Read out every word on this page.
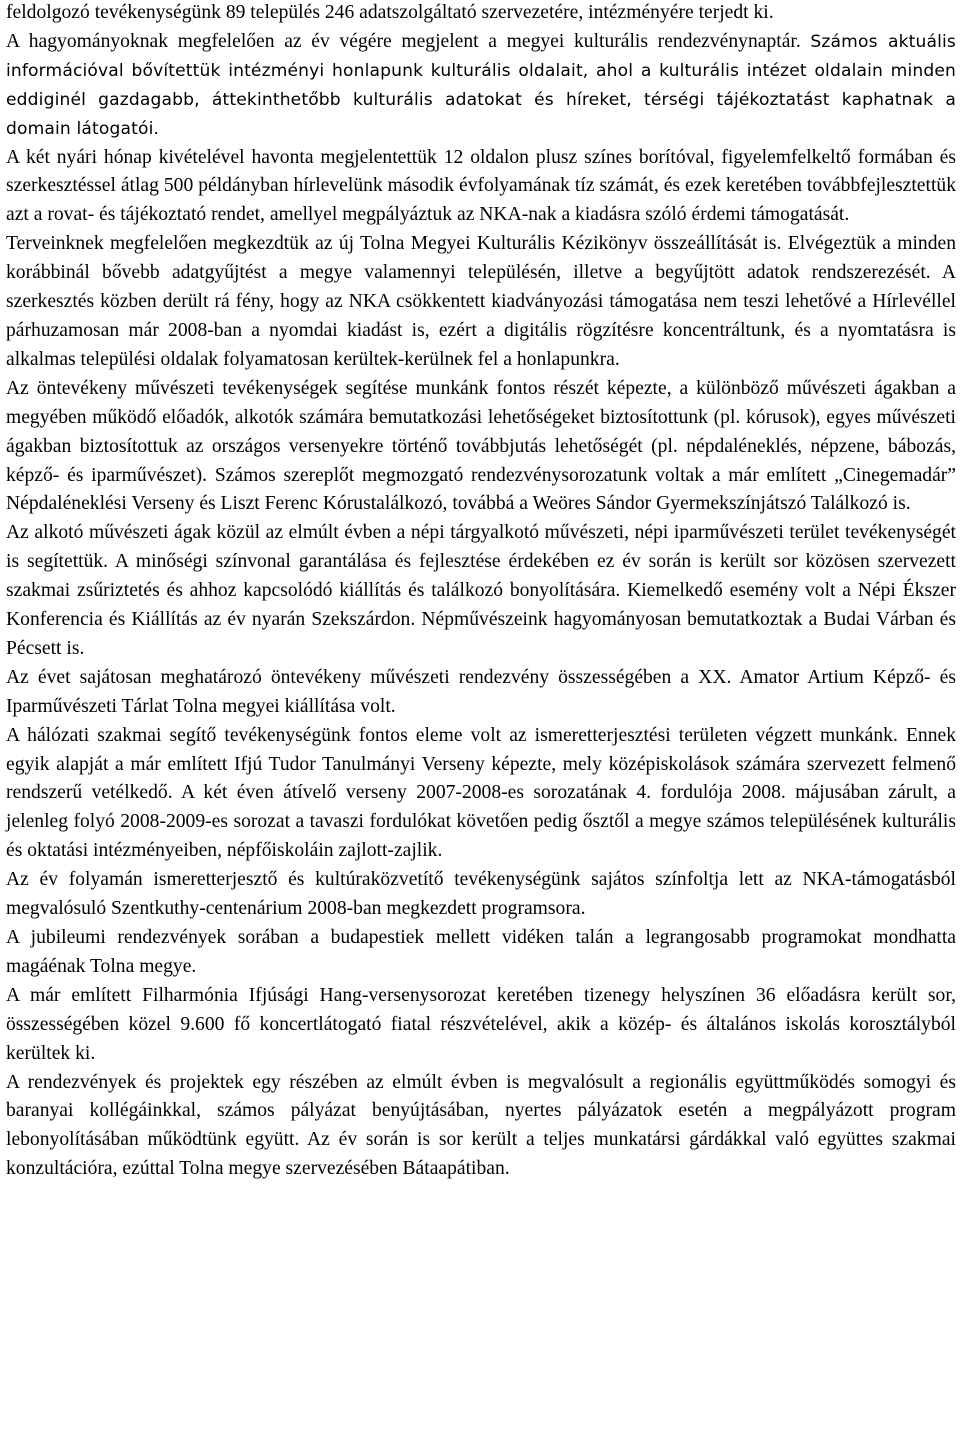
feldolgozó tevékenységünk 89 település 246 adatszolgáltató szervezetére, intézményére terjedt ki.

A hagyományoknak megfelelően az év végére megjelent a megyei kulturális rendezvénynaptár. Számos aktuális információval bővítettük intézményi honlapunk kulturális oldalait, ahol a kulturális intézet oldalain minden eddiginél gazdagabb, áttekinthetőbb kulturális adatokat és híreket, térségi tájékoztatást kaphatnak a domain látogatói.

A két nyári hónap kivételével havonta megjelentettük 12 oldalon plusz színes borítóval, figyelemfelkeltő formában és szerkesztéssel átlag 500 példányban hírlevelünk második évfolyamának tíz számát, és ezek keretében továbbfejlesztettük azt a rovat- és tájékoztató rendet, amellyel megpályáztuk az NKA-nak a kiadásra szóló érdemi támogatását.

Terveinknek megfelelően megkezdtük az új Tolna Megyei Kulturális Kézikönyv összeállítását is. Elvégeztük a minden korábbinál bővebb adatgyűjtést a megye valamennyi településén, illetve a begyűjtött adatok rendszerezését. A szerkesztés közben derült rá fény, hogy az NKA csökkentett kiadványozási támogatása nem teszi lehetővé a Hírlevéllel párhuzamosan már 2008-ban a nyomdai kiadást is, ezért a digitális rögzítésre koncentráltunk, és a nyomtatásra is alkalmas települési oldalak folyamatosan kerültek-kerülnek fel a honlapunkra.

Az öntevékeny művészeti tevékenységek segítése munkánk fontos részét képezte, a különböző művészeti ágakban a megyében működő előadók, alkotók számára bemutatkozási lehetőségeket biztosítottunk (pl. kórusok), egyes művészeti ágakban biztosítottuk az országos versenyekre történő továbbjutás lehetőségét (pl. népdaléneklés, népzene, bábozás, képző- és iparművészet). Számos szereplőt megmozgató rendezvénysorozatunk voltak a már említett „Cinegemadár” Népdaléneklési Verseny és Liszt Ferenc Kórustalálkozó, továbbá a Weöres Sándor Gyermekszínjátszó Találkozó is.

Az alkotó művészeti ágak közül az elmúlt évben a népi tárgyalkotó művészeti, népi iparművészeti terület tevékenységét is segítettük. A minőségi színvonal garantálása és fejlesztése érdekében ez év során is került sor közösen szervezett szakmai zsűriztetés és ahhoz kapcsolódó kiállítás és találkozó bonyolítására. Kiemelkedő esemény volt a Népi Ékszer Konferencia és Kiállítás az év nyarán Szekszárdon. Népművészeink hagyományosan bemutatkoztak a Budai Várban és Pécsett is.

Az évet sajátosan meghatározó öntevékeny művészeti rendezvény összességében a XX. Amator Artium Képző- és Iparművészeti Tárlat Tolna megyei kiállítása volt.

A hálózati szakmai segítő tevékenységünk fontos eleme volt az ismeretterjesztési területen végzett munkánk. Ennek egyik alapját a már említett Ifjú Tudor Tanulmányi Verseny képezte, mely középiskolások számára szervezett felmenő rendszerű vetélkedő. A két éven átívelő verseny 2007-2008-es sorozatának 4. fordulója 2008. májusában zárult, a jelenleg folyó 2008-2009-es sorozat a tavaszi fordulókat követően pedig ősztől a megye számos településének kulturális és oktatási intézményeiben, népfőiskoláin zajlott-zajlik.

Az év folyamán ismeretterjesztő és kultúraközvetítő tevékenységünk sajátos színfoltja lett az NKA-támogatásból megvalósuló Szentkuthy-centenárium 2008-ban megkezdett programsora.

A jubileumi rendezvények sorában a budapestiek mellett vidéken talán a legrangosabb programokat mondhatta magáénak Tolna megye.

A már említett Filharmónia Ifjúsági Hang-versenysorozat keretében tizenegy helyszínen 36 előadásra került sor, összességében közel 9.600 fő koncertlátogató fiatal részvételével, akik a közép- és általános iskolás korosztályból kerültek ki.

A rendezvények és projektek egy részében az elmúlt évben is megvalósult a regionális együttműködés somogyi és baranyai kollégáinkkal, számos pályázat benyújtásában, nyertes pályázatok esetén a megpályázott program lebonyolításában működtünk együtt. Az év során is sor került a teljes munkatársi gárdákkal való együttes szakmai konzultációra, ezúttal Tolna megye szervezésében Bátaapátiban.
